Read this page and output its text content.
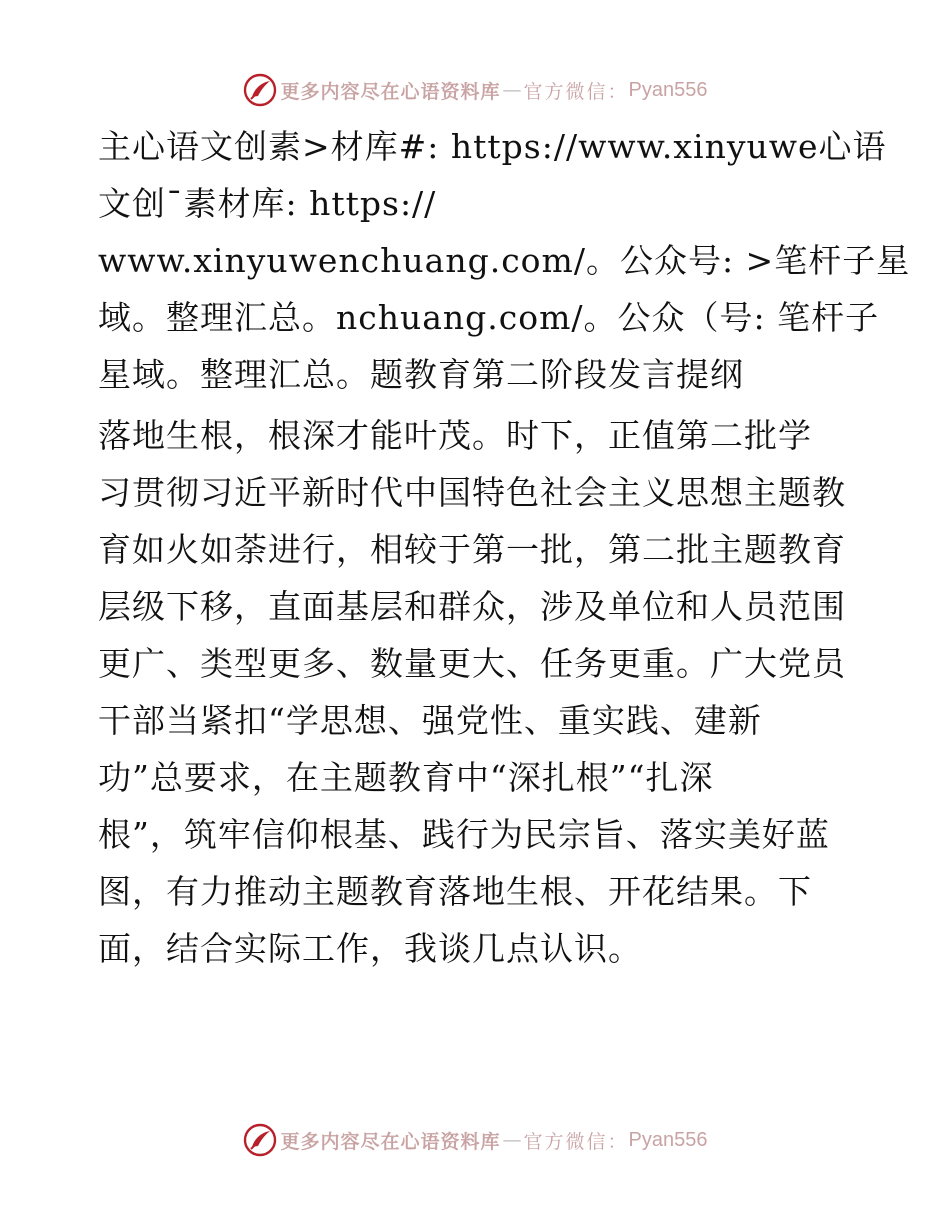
更多内容尽在心语资料库 — 官方微信： Pyan556
主心语文创素>材库#: https://www.xinyuwe心语
文创¯素材库: https://
www.xinyuwenchuang.com/。公众号: >笔杆子星
域。整理汇总。nchuang.com/。公众（号: 笔杆子
星域。整理汇总。题教育第二阶段发言提纲
落地生根，根深才能叶茂。时下，正值第二批学
习贯彻习近平新时代中国特色社会主义思想主题教
育如火如荼进行，相较于第一批，第二批主题教育
层级下移，直面基层和群众，涉及单位和人员范围
更广、类型更多、数量更大、任务更重。广大党员
干部当紧扣“学思想、强党性、重实践、建新
功”总要求，在主题教育中“深扎根”“扎深
根”，筑牢信仰根基、践行为民宗旨、落实美好蓝
图，有力推动主题教育落地生根、开花结果。下
面，结合实际工作，我谈几点认识。
更多内容尽在心语资料库 — 官方微信： Pyan556
